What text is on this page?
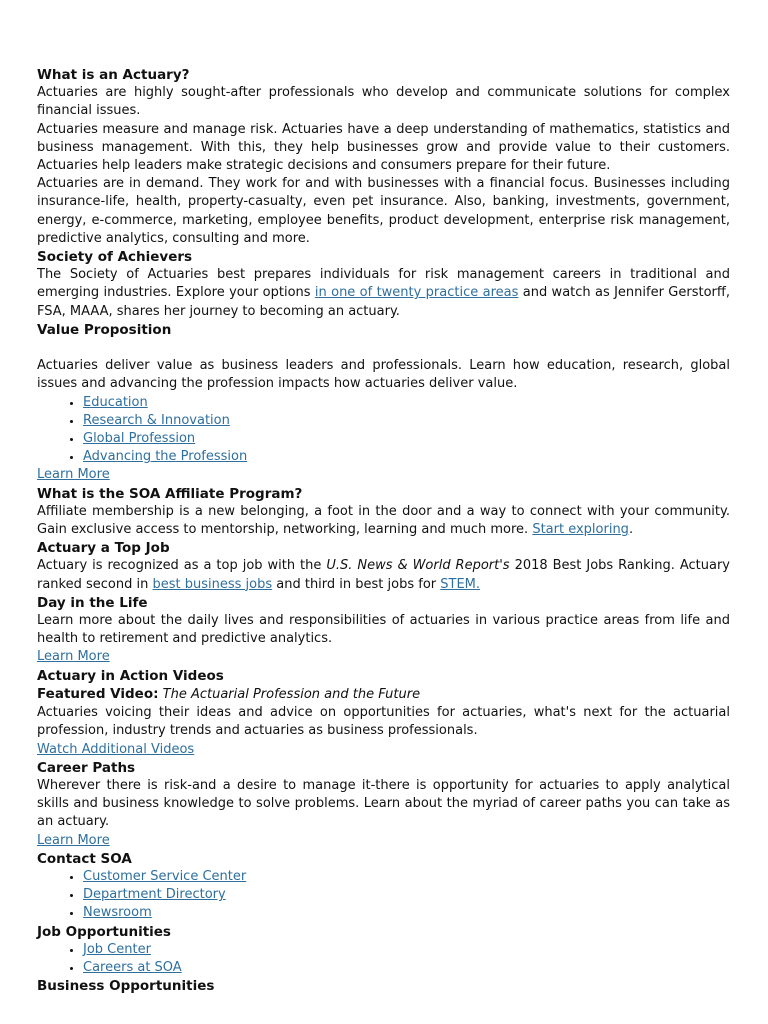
What is an Actuary?

Actuaries are highly sought-after professionals who develop and communicate solutions for complex financial issues.

Actuaries measure and manage risk. Actuaries have a deep understanding of mathematics, statistics and business management. With this, they help businesses grow and provide value to their customers. Actuaries help leaders make strategic decisions and consumers prepare for their future.

Actuaries are in demand. They work for and with businesses with a financial focus. Businesses including insurance-life, health, property-casualty, even pet insurance. Also, banking, investments, government, energy, e-commerce, marketing, employee benefits, product development, enterprise risk management, predictive analytics, consulting and more.

Society of Achievers

The Society of Actuaries best prepares individuals for risk management careers in traditional and emerging industries. Explore your options in one of twenty practice areas and watch as Jennifer Gerstorff, FSA, MAAA, shares her journey to becoming an actuary.

Value Proposition

Actuaries deliver value as business leaders and professionals. Learn how education, research, global issues and advancing the profession impacts how actuaries deliver value.

• Education
• Research & Innovation
• Global Profession
• Advancing the Profession
Learn More
What is the SOA Affiliate Program?

Affiliate membership is a new belonging, a foot in the door and a way to connect with your community. Gain exclusive access to mentorship, networking, learning and much more. Start exploring.

Actuary a Top Job

Actuary is recognized as a top job with the U.S. News & World Report's 2018 Best Jobs Ranking. Actuary ranked second in best business jobs and third in best jobs for STEM.

Day in the Life

Learn more about the daily lives and responsibilities of actuaries in various practice areas from life and health to retirement and predictive analytics.

Learn More
Actuary in Action Videos

Featured Video: The Actuarial Profession and the Future

Actuaries voicing their ideas and advice on opportunities for actuaries, what's next for the actuarial profession, industry trends and actuaries as business professionals.

Watch Additional Videos
Career Paths

Wherever there is risk-and a desire to manage it-there is opportunity for actuaries to apply analytical skills and business knowledge to solve problems. Learn about the myriad of career paths you can take as an actuary.

Learn More
Contact SOA
• Customer Service Center
• Department Directory
• Newsroom
Job Opportunities
• Job Center
• Careers at SOA
Business Opportunities
